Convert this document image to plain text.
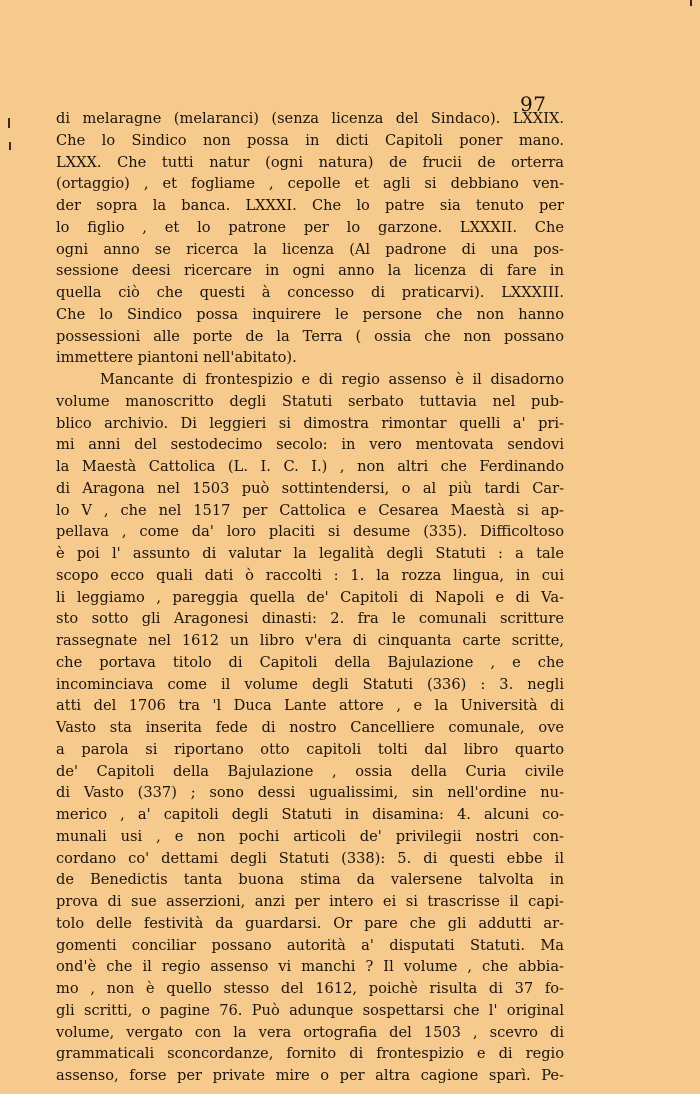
97
di melaragne (melaranci) (senza licenza del Sindaco). LXXIX.
Che lo Sindico non possa in dicti Capitoli poner mano.
LXXX. Che tutti natur (ogni natura) de frucii de orterra
(ortaggio) , et fogliame , cepolle et agli si debbiano ven-
der sopra la banca. LXXXI. Che lo patre sia tenuto per
lo figlio , et lo patrone per lo garzone. LXXXII. Che
ogni anno se ricerca la licenza (Al padrone di una pos-
sessione deesi ricercare in ogni anno la licenza di fare in
quella ciò che questi à concesso di praticarvi). LXXXIII.
Che lo Sindico possa inquirere le persone che non hanno
possessioni alle porte de la Terra ( ossia che non possano
immettere piantoni nell'abitato).
Mancante di frontespizio e di regio assenso è il disadorno
volume manoscritto degli Statuti serbato tuttavia nel pub-
blico archivio. Di leggieri si dimostra rimontar quelli a' pri-
mi anni del sestodecimo secolo: in vero mentovata sendovi
la Maestà Cattolica (L. I. C. I.) , non altri che Ferdinando
di Aragona nel 1503 può sottintendersi, o al più tardi Car-
lo V , che nel 1517 per Cattolica e Cesarea Maestà si ap-
pellava , come da' loro placiti si desume (335). Difficoltoso
è poi l' assunto di valutar la legalità degli Statuti : a tale
scopo ecco quali dati ò raccolti : 1. la rozza lingua, in cui
li leggiamo , pareggia quella de' Capitoli di Napoli e di Va-
sto sotto gli Aragonesi dinasti: 2. fra le comunali scritture
rassegnate nel 1612 un libro v'era di cinquanta carte scritte,
che portava titolo di Capitoli della Bajulazione , e che
incominciava come il volume degli Statuti (336) : 3. negli
atti del 1706 tra 'l Duca Lante attore , e la Università di
Vasto sta inserita fede di nostro Cancelliere comunale, ove
a parola si riportano otto capitoli tolti dal libro quarto
de' Capitoli della Bajulazione , ossia della Curia civile
di Vasto (337) ; sono dessi ugualissimi, sin nell'ordine nu-
merico , a' capitoli degli Statuti in disamina: 4. alcuni co-
munali usi , e non pochi articoli de' privilegii nostri con-
cordano co' dettami degli Statuti (338): 5. di questi ebbe il
de Benedictis tanta buona stima da valersene talvolta in
prova di sue asserzioni, anzi per intero ei si trascrisse il capi-
tolo delle festività da guardarsi. Or pare che gli addutti ar-
gomenti conciliar possano autorità a' disputati Statuti. Ma
ond'è che il regio assenso vi manchi ? Il volume , che abbia-
mo , non è quello stesso del 1612, poichè risulta di 37 fo-
gli scritti, o pagine 76. Può adunque sospettarsi che l' original
volume, vergato con la vera ortografia del 1503 , scevro di
grammaticali sconcordanze, fornito di frontespizio e di regio
assenso, forse per private mire o per altra cagione sparì. Pe-
